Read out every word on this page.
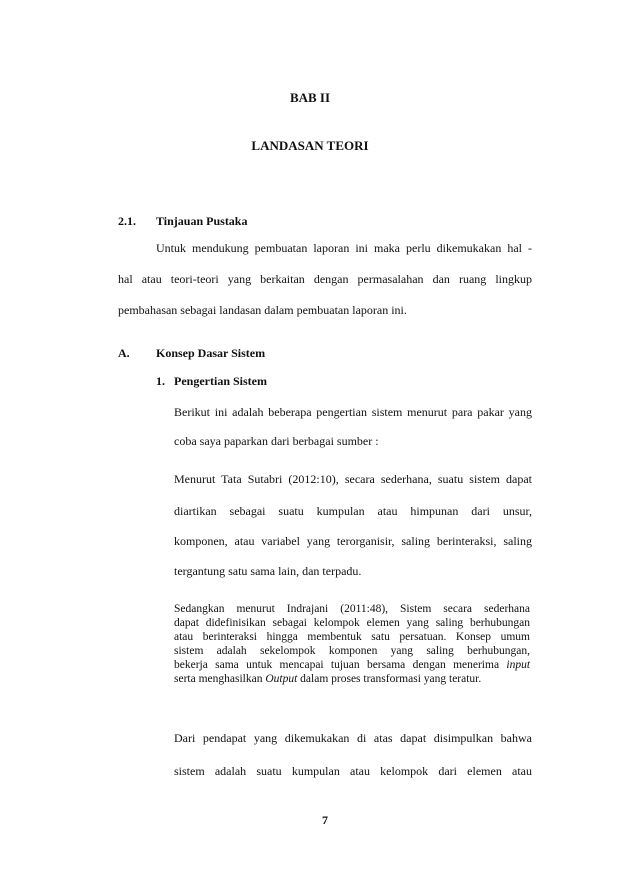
BAB II
LANDASAN TEORI
2.1. Tinjauan Pustaka
Untuk mendukung pembuatan laporan ini maka perlu dikemukakan hal -
hal atau teori-teori yang berkaitan dengan permasalahan dan ruang lingkup
pembahasan sebagai landasan dalam pembuatan laporan ini.
A. Konsep Dasar Sistem
1. Pengertian Sistem
Berikut ini adalah beberapa pengertian sistem menurut para pakar yang
coba saya paparkan dari berbagai sumber :
Menurut Tata Sutabri (2012:10), secara sederhana, suatu sistem dapat
diartikan sebagai suatu kumpulan atau himpunan dari unsur,
komponen, atau variabel yang terorganisir, saling berinteraksi, saling
tergantung satu sama lain, dan terpadu.
Sedangkan menurut Indrajani (2011:48), Sistem secara sederhana
dapat didefinisikan sebagai kelompok elemen yang saling berhubungan
atau berinteraksi hingga membentuk satu persatuan. Konsep umum
sistem adalah sekelompok komponen yang saling berhubungan,
bekerja sama untuk mencapai tujuan bersama dengan menerima input
serta menghasilkan Output dalam proses transformasi yang teratur.
Dari pendapat yang dikemukakan di atas dapat disimpulkan bahwa
sistem adalah suatu kumpulan atau kelompok dari elemen atau
7
